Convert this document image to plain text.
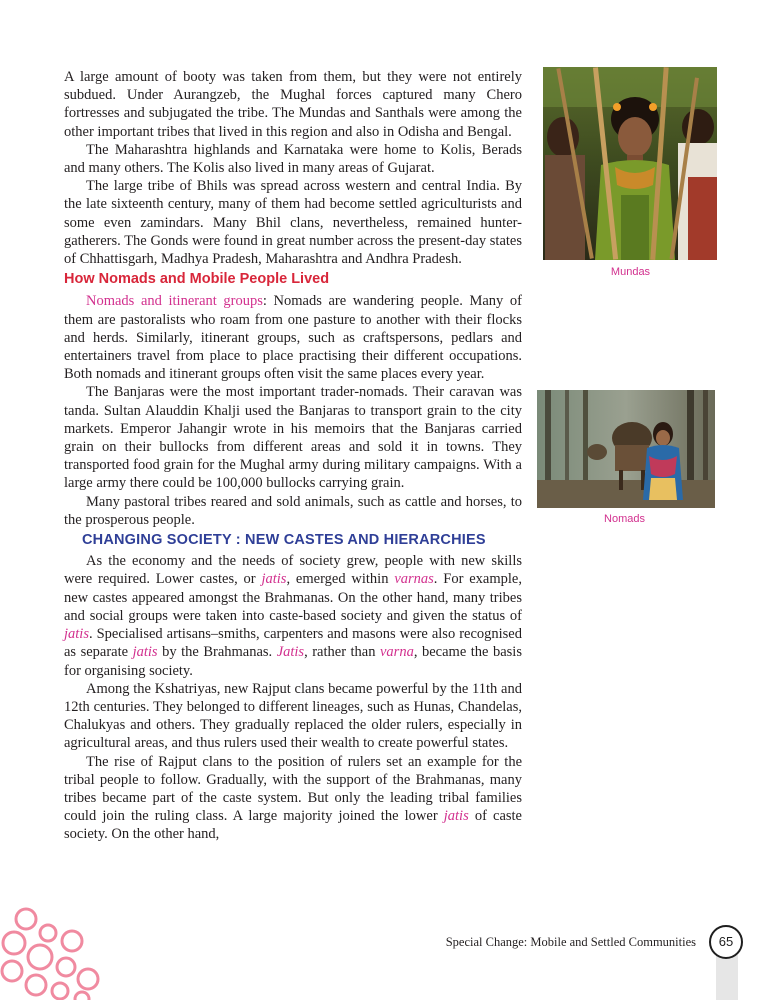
A large amount of booty was taken from them, but they were not entirely subdued. Under Aurangzeb, the Mughal forces captured many Chero fortresses and subjugated the tribe. The Mundas and Santhals were among the other important tribes that lived in this region and also in Odisha and Bengal.

The Maharashtra highlands and Karnataka were home to Kolis, Berads and many others. The Kolis also lived in many areas of Gujarat.

The large tribe of Bhils was spread across western and central India. By the late sixteenth century, many of them had become settled agriculturists and some even zamindars. Many Bhil clans, nevertheless, remained hunter-gatherers. The Gonds were found in great number across the present-day states of Chhattisgarh, Madhya Pradesh, Maharashtra and Andhra Pradesh.

How Nomads and Mobile People Lived

Nomads and itinerant groups: Nomads are wandering people. Many of them are pastoralists who roam from one pasture to another with their flocks and herds. Similarly, itinerant groups, such as craftspersons, pedlars and entertainers travel from place to place practising their different occupations. Both nomads and itinerant groups often visit the same places every year.

The Banjaras were the most important trader-nomads. Their caravan was tanda. Sultan Alauddin Khalji used the Banjaras to transport grain to the city markets. Emperor Jahangir wrote in his memoirs that the Banjaras carried grain on their bullocks from different areas and sold it in towns. They transported food grain for the Mughal army during military campaigns. With a large army there could be 100,000 bullocks carrying grain.

Many pastoral tribes reared and sold animals, such as cattle and horses, to the prosperous people.

CHANGING SOCIETY : NEW CASTES AND HIERARCHIES

As the economy and the needs of society grew, people with new skills were required. Lower castes, or jatis, emerged within varnas. For example, new castes appeared amongst the Brahmanas. On the other hand, many tribes and social groups were taken into caste-based society and given the status of jatis. Specialised artisans–smiths, carpenters and masons were also recognised as separate jatis by the Brahmanas. Jatis, rather than varna, became the basis for organising society.

Among the Kshatriyas, new Rajput clans became powerful by the 11th and 12th centuries. They belonged to different lineages, such as Hunas, Chandelas, Chalukyas and others. They gradually replaced the older rulers, especially in agricultural areas, and thus rulers used their wealth to create powerful states.

The rise of Rajput clans to the position of rulers set an example for the tribal people to follow. Gradually, with the support of the Brahmanas, many tribes became part of the caste system. But only the leading tribal families could join the ruling class. A large majority joined the lower jatis of caste society. On the other hand,

Mundas
Nomads
Special Change: Mobile and Settled Communities	65
